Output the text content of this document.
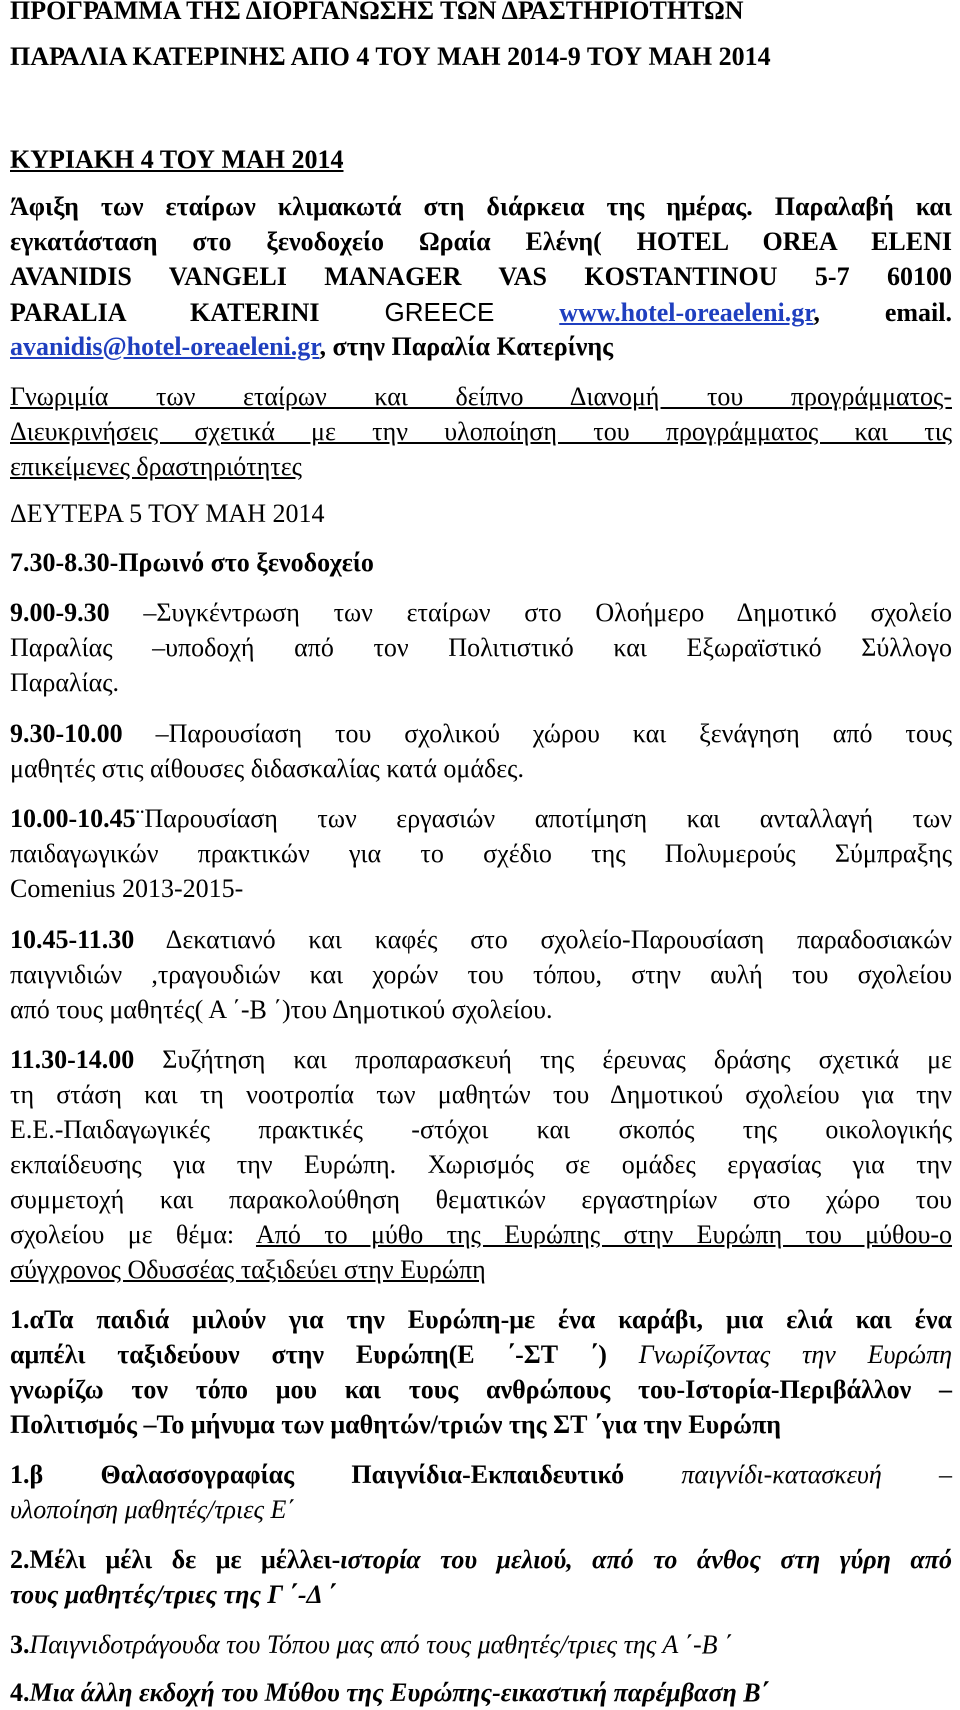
ΠΡΟΓΡΑΜΜΑ ΤΗΣ ΔΙΟΡΓΑΝΩΣΗΣ ΤΩΝ ΔΡΑΣΤΗΡΙΟΤΗΤΩΝ
ΠΑΡΑΛΙΑ ΚΑΤΕΡΙΝΗΣ ΑΠΟ 4 ΤΟΥ ΜΑΗ 2014-9 ΤΟΥ ΜΑΗ 2014
ΚΥΡΙΑΚΗ 4 ΤΟΥ ΜΑΗ 2014
Άφιξη των εταίρων κλιμακωτά στη διάρκεια της ημέρας. Παραλαβή και
εγκατάσταση στο ξενοδοχείο Ωραία Ελένη( HOTEL OREA ELENI
AVANIDIS VANGELI MANAGER VAS KOSTANTINOU 5-7 60100
PARALIA KATERINI GREECE www.hotel-oreaeleni.gr, email.
avanidis@hotel-oreaeleni.gr, στην Παραλία Κατερίνης
Γνωριμία των εταίρων και δείπνο Διανομή του προγράμματος-
Διευκρινήσεις σχετικά με την υλοποίηση του προγράμματος και τις
επικείμενες δραστηριότητες
ΔΕΥΤΕΡΑ 5 ΤΟΥ ΜΑΗ 2014
7.30-8.30-Πρωινό στο ξενοδοχείο
9.00-9.30 –Συγκέντρωση των εταίρων στο Ολοήμερο Δημοτικό σχολείο
Παραλίας –υποδοχή από τον Πολιτιστικό και Εξωραϊστικό Σύλλογο
Παραλίας.
9.30-10.00 –Παρουσίαση του σχολικού χώρου και ξενάγηση από τους
μαθητές στις αίθουσες διδασκαλίας κατά ομάδες.
10.00-10.45¨Παρουσίαση των εργασιών αποτίμηση και ανταλλαγή των
παιδαγωγικών πρακτικών για το σχέδιο της Πολυμερούς Σύμπραξης
Comenius 2013-2015-
10.45-11.30 Δεκατιανό και καφές στο σχολείο-Παρουσίαση παραδοσιακών
παιγνιδιών ,τραγουδιών και χορών του τόπου, στην αυλή του σχολείου
από τους μαθητές( Α ΄-Β ΄)του Δημοτικού σχολείου.
11.30-14.00 Συζήτηση και προπαρασκευή της έρευνας δράσης σχετικά με
τη στάση και τη νοοτροπία των μαθητών του Δημοτικού σχολείου για την
Ε.Ε.-Παιδαγωγικές πρακτικές -στόχοι και σκοπός της οικολογικής
εκπαίδευσης για την Ευρώπη. Χωρισμός σε ομάδες εργασίας για την
συμμετοχή και παρακολούθηση θεματικών εργαστηρίων στο χώρο του
σχολείου με θέμα: Από το μύθο της Ευρώπης στην Ευρώπη του μύθου-ο
σύγχρονος Οδυσσέας ταξιδεύει στην Ευρώπη
1.αΤα παιδιά μιλούν για την Ευρώπη-με ένα καράβι, μια ελιά και ένα
αμπέλι ταξιδεύουν στην Ευρώπη(Ε ΄-ΣΤ ΄) Γνωρίζοντας την Ευρώπη
γνωρίζω τον τόπο μου και τους ανθρώπους του-Ιστορία-Περιβάλλον –
Πολιτισμός –Το μήνυμα των μαθητών/τριών της ΣΤ ΄για την Ευρώπη
1.β Θαλασσογραφίας Παιγνίδια-Εκπαιδευτικό παιγνίδι-κατασκευή –
υλοποίηση μαθητές/τριες Ε΄
2.Μέλι μέλι δε με μέλλει-ιστορία του μελιού, από το άνθος στη γύρη από
τους μαθητές/τριες της Γ ΄-Δ ΄
3.Παιγνιδοτράγουδα του Τόπου μας από τους μαθητές/τριες της Α ΄-Β ΄
4.Μια άλλη εκδοχή του Μύθου της Ευρώπης-εικαστική παρέμβαση Β΄
